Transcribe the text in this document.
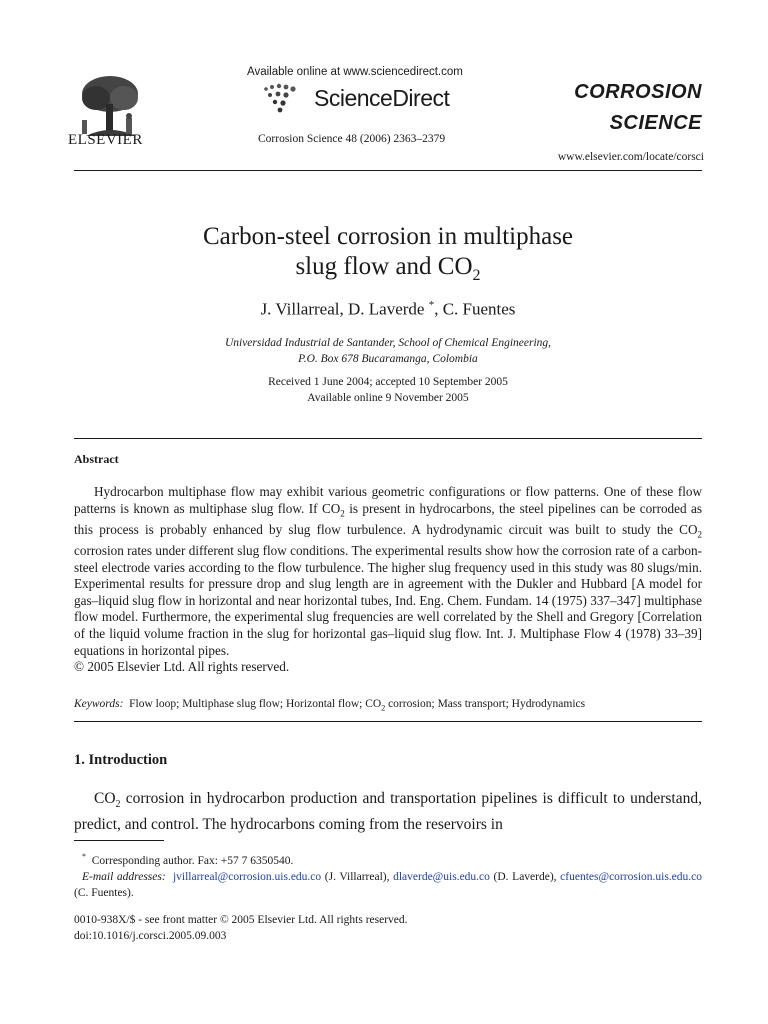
ELSEVIER
Available online at www.sciencedirect.com
ScienceDirect
Corrosion Science 48 (2006) 2363–2379
CORROSION
SCIENCE
www.elsevier.com/locate/corsci
Carbon-steel corrosion in multiphase
slug flow and $CO_2$
J. Villarreal, D. Laverde *, C. Fuentes
Universidad Industrial de Santander, School of Chemical Engineering,
P.O. Box 678 Bucaramanga, Colombia
Received 1 June 2004; accepted 10 September 2005
Available online 9 November 2005
Abstract
Hydrocarbon multiphase flow may exhibit various geometric configurations or flow patterns. One of these flow patterns is known as multiphase slug flow. If $CO_2$ is present in hydrocarbons, the steel pipelines can be corroded as this process is probably enhanced by slug flow turbulence. A hydrodynamic circuit was built to study the $CO_2$ corrosion rates under different slug flow conditions. The experimental results show how the corrosion rate of a carbon-steel electrode varies according to the flow turbulence. The higher slug frequency used in this study was 80 slugs/min. Experimental results for pressure drop and slug length are in agreement with the Dukler and Hubbard [A model for gas–liquid slug flow in horizontal and near horizontal tubes, Ind. Eng. Chem. Fundam. 14 (1975) 337–347] multiphase flow model. Furthermore, the experimental slug frequencies are well correlated by the Shell and Gregory [Correlation of the liquid volume fraction in the slug for horizontal gas–liquid slug flow. Int. J. Multiphase Flow 4 (1978) 33–39] equations in horizontal pipes.
© 2005 Elsevier Ltd. All rights reserved.
Keywords: Flow loop; Multiphase slug flow; Horizontal flow; $CO_2$ corrosion; Mass transport; Hydrodynamics
1. Introduction
$CO_2$ corrosion in hydrocarbon production and transportation pipelines is difficult to understand, predict, and control. The hydrocarbons coming from the reservoirs in
* Corresponding author. Fax: +57 7 6350540.
E-mail addresses: jvillarreal@corrosion.uis.edu.co (J. Villarreal), dlaverde@uis.edu.co (D. Laverde), cfuentes@corrosion.uis.edu.co (C. Fuentes).
0010-938X/$ - see front matter © 2005 Elsevier Ltd. All rights reserved.
doi:10.1016/j.corsci.2005.09.003
